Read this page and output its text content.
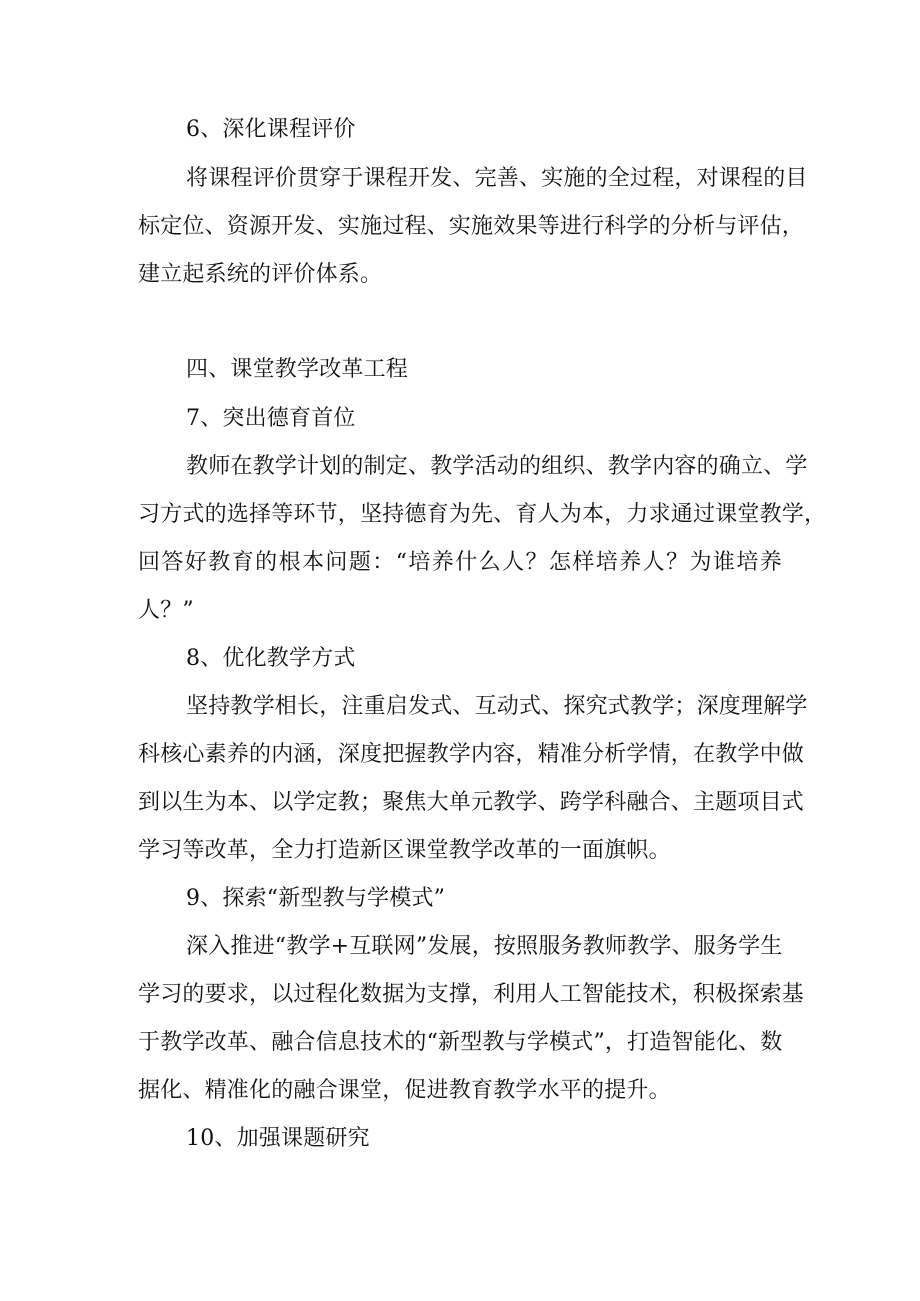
6、深化课程评价
将课程评价贯穿于课程开发、完善、实施的全过程，对课程的目
标定位、资源开发、实施过程、实施效果等进行科学的分析与评估，
建立起系统的评价体系。
四、课堂教学改革工程
7、突出德育首位
教师在教学计划的制定、教学活动的组织、教学内容的确立、学
习方式的选择等环节，坚持德育为先、育人为本，力求通过课堂教学，
回答好教育的根本问题：“培养什么人？怎样培养人？为谁培养
人？”
8、优化教学方式
坚持教学相长，注重启发式、互动式、探究式教学；深度理解学
科核心素养的内涵，深度把握教学内容，精准分析学情，在教学中做
到以生为本、以学定教；聚焦大单元教学、跨学科融合、主题项目式
学习等改革，全力打造新区课堂教学改革的一面旗帜。
9、探索“新型教与学模式”
深入推进“教学+互联网”发展，按照服务教师教学、服务学生
学习的要求，以过程化数据为支撑，利用人工智能技术，积极探索基
于教学改革、融合信息技术的“新型教与学模式”，打造智能化、数
据化、精准化的融合课堂，促进教育教学水平的提升。
10、加强课题研究
